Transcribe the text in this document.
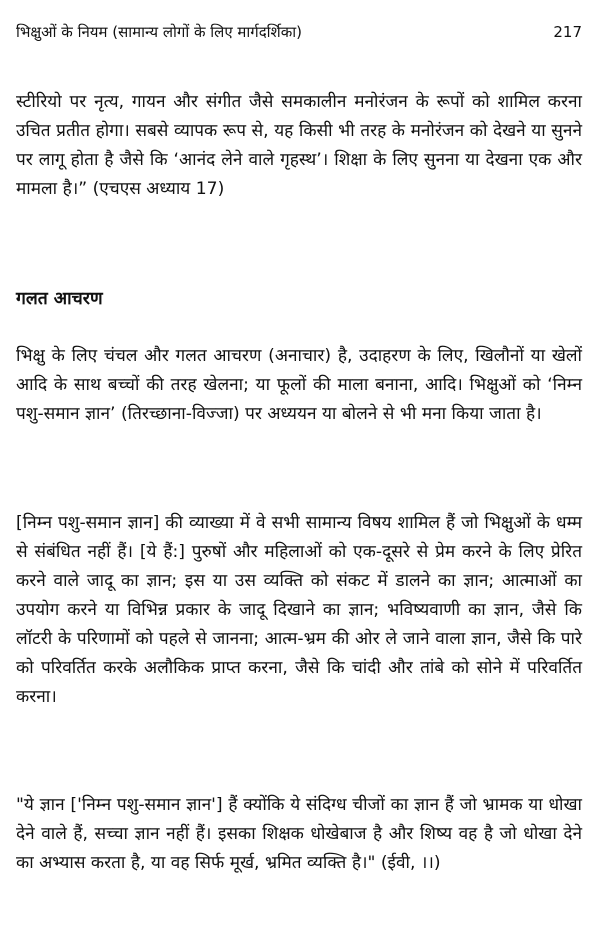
भिक्षुओं के नियम (सामान्य लोगों के लिए मार्गदर्शिका)	217

स्टीरियो पर नृत्य, गायन और संगीत जैसे समकालीन मनोरंजन के रूपों को शामिल करना उचित प्रतीत होगा। सबसे व्यापक रूप से, यह किसी भी तरह के मनोरंजन को देखने या सुनने पर लागू होता है जैसे कि ‘आनंद लेने वाले गृहस्थ’। शिक्षा के लिए सुनना या देखना एक और मामला है।” (एचएस अध्याय 17)

गलत आचरण

भिक्षु के लिए चंचल और गलत आचरण (अनाचार) है, उदाहरण के लिए, खिलौनों या खेलों आदि के साथ बच्चों की तरह खेलना; या फूलों की माला बनाना, आदि। भिक्षुओं को ‘निम्न पशु-समान ज्ञान’ (तिरच्छाना-विज्जा) पर अध्ययन या बोलने से भी मना किया जाता है।

[निम्न पशु-समान ज्ञान] की व्याख्या में वे सभी सामान्य विषय शामिल हैं जो भिक्षुओं के धम्म से संबंधित नहीं हैं। [ये हैं:] पुरुषों और महिलाओं को एक-दूसरे से प्रेम करने के लिए प्रेरित करने वाले जादू का ज्ञान; इस या उस व्यक्ति को संकट में डालने का ज्ञान; आत्माओं का उपयोग करने या विभिन्न प्रकार के जादू दिखाने का ज्ञान; भविष्यवाणी का ज्ञान, जैसे कि लॉटरी के परिणामों को पहले से जानना; आत्म-भ्रम की ओर ले जाने वाला ज्ञान, जैसे कि पारे को परिवर्तित करके अलौकिक प्राप्त करना, जैसे कि चांदी और तांबे को सोने में परिवर्तित करना।

"ये ज्ञान ['निम्न पशु-समान ज्ञान'] हैं क्योंकि ये संदिग्ध चीजों का ज्ञान हैं जो भ्रामक या धोखा देने वाले हैं, सच्चा ज्ञान नहीं हैं। इसका शिक्षक धोखेबाज है और शिष्य वह है जो धोखा देने का अभ्यास करता है, या वह सिर्फ मूर्ख, भ्रमित व्यक्ति है।" (ईवी, ।।)
